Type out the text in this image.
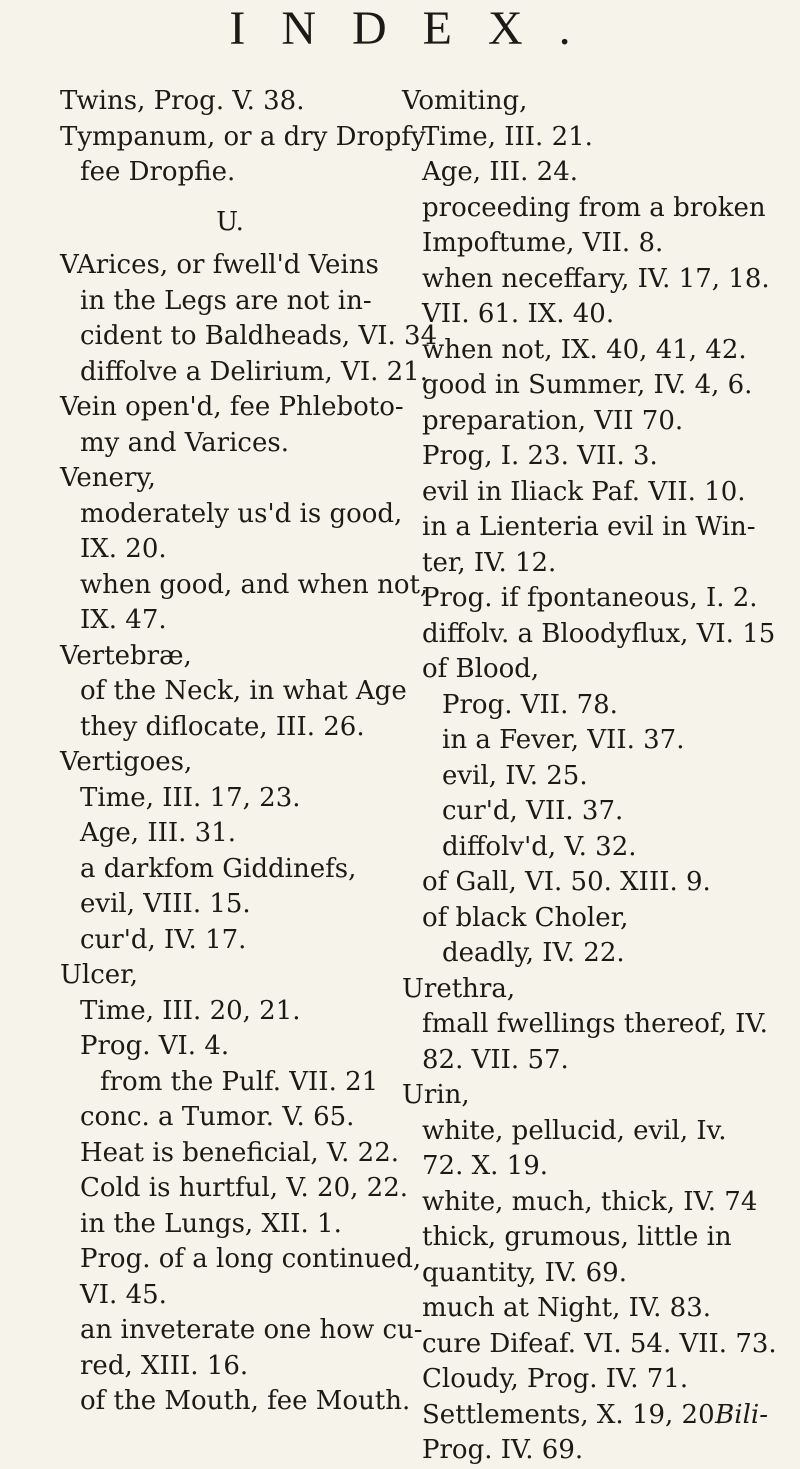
INDEX.
Twins, Prog. V. 38.
Tympanum, or a dry Dropfy
fee Dropfie.
U.
VArices, or fwell'd Veins
in the Legs are not in-
cident to Baldheads, VI. 34
diffolve a Delirium, VI. 21.
Vein open'd, fee Phleboto-
my and Varices.
Venery,
moderately us'd is good,
IX. 20.
when good, and when not,
IX. 47.
Vertebræ,
of the Neck, in what Age
they diflocate, III. 26.
Vertigoes,
Time, III. 17, 23.
Age, III. 31.
a darkfom Giddinefs,
evil, VIII. 15.
cur'd, IV. 17.
Ulcer,
Time, III. 20, 21.
Prog. VI. 4.
from the Pulf. VII. 21
conc. a Tumor. V. 65.
Heat is beneficial, V. 22.
Cold is hurtful, V. 20, 22.
in the Lungs, XII. 1.
Prog. of a long continued,
VI. 45.
an inveterate one how cu-
red, XIII. 16.
of the Mouth, fee Mouth.
Vomiting,
Time, III. 21.
Age, III. 24.
proceeding from a broken
Impoftume, VII. 8.
when neceffary, IV. 17, 18.
VII. 61. IX. 40.
when not, IX. 40, 41, 42.
good in Summer, IV. 4, 6.
preparation, VII 70.
Prog, I. 23. VII. 3.
evil in Iliack Paf. VII. 10.
in a Lienteria evil in Win-
ter, IV. 12.
Prog. if fpontaneous, I. 2.
diffolv. a Bloodyflux, VI. 15
of Blood,
Prog. VII. 78.
in a Fever, VII. 37.
evil, IV. 25.
cur'd, VII. 37.
diffolv'd, V. 32.
of Gall, VI. 50. XIII. 9.
of black Choler,
deadly, IV. 22.
Urethra,
fmall fwellings thereof, IV.
82. VII. 57.
Urin,
white, pellucid, evil, Iv.
72. X. 19.
white, much, thick, IV. 74
thick, grumous, little in
quantity, IV. 69.
much at Night, IV. 83.
cure Difeaf. VI. 54. VII. 73.
Cloudy, Prog. IV. 71.
Settlements, X. 19, 20.
Prog. IV. 69.
Bili-
